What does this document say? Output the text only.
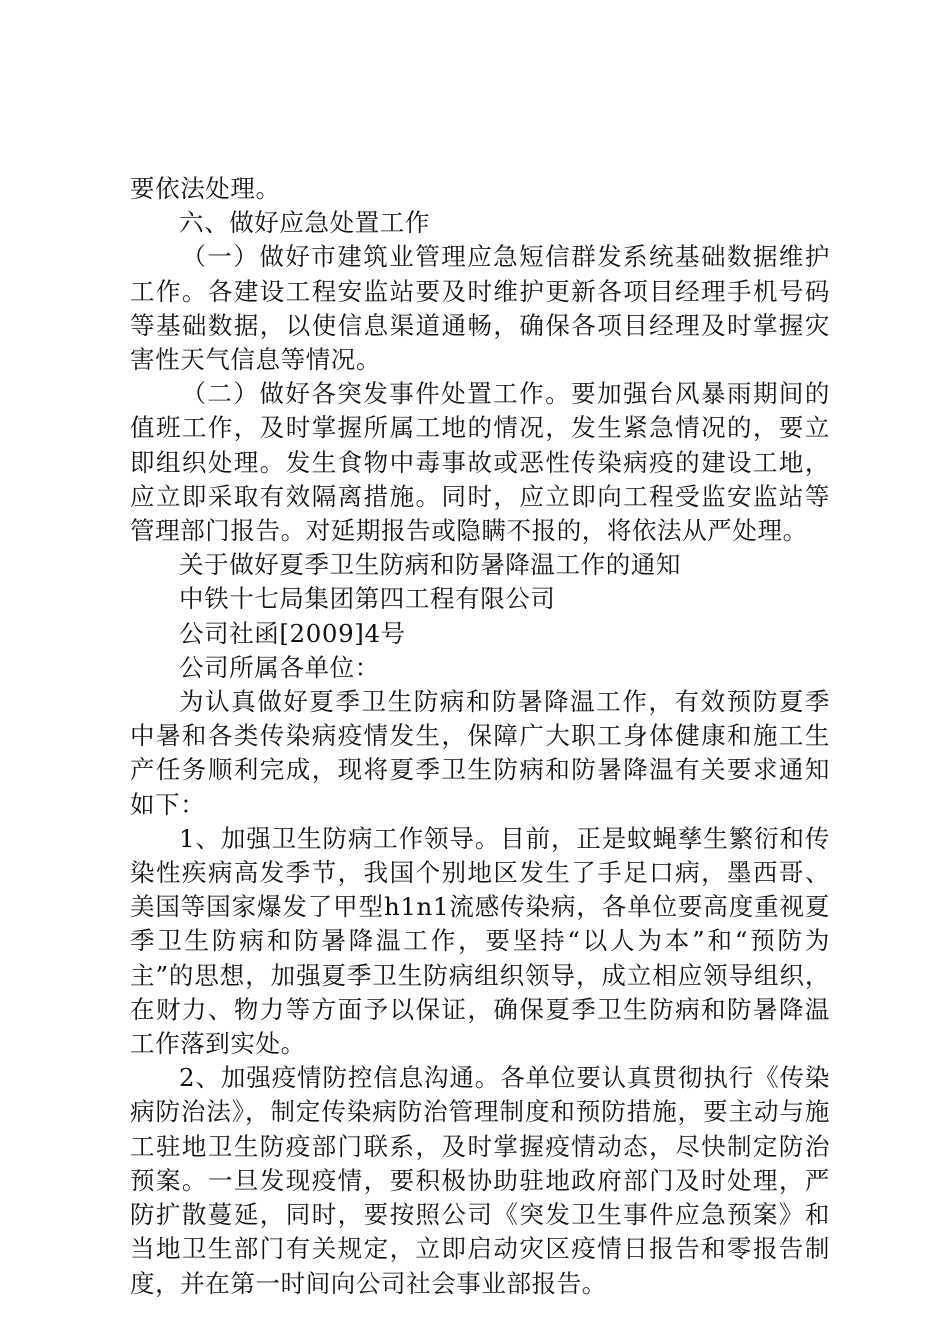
要依法处理。

六、做好应急处置工作

（一）做好市建筑业管理应急短信群发系统基础数据维护工作。各建设工程安监站要及时维护更新各项目经理手机号码等基础数据，以使信息渠道通畅，确保各项目经理及时掌握灾害性天气信息等情况。

（二）做好各突发事件处置工作。要加强台风暴雨期间的值班工作，及时掌握所属工地的情况，发生紧急情况的，要立即组织处理。发生食物中毒事故或恶性传染病疫的建设工地，应立即采取有效隔离措施。同时，应立即向工程受监安监站等管理部门报告。对延期报告或隐瞒不报的，将依法从严处理。

关于做好夏季卫生防病和防暑降温工作的通知

中铁十七局集团第四工程有限公司

公司社函[2009]4号

公司所属各单位：

为认真做好夏季卫生防病和防暑降温工作，有效预防夏季中暑和各类传染病疫情发生，保障广大职工身体健康和施工生产任务顺利完成，现将夏季卫生防病和防暑降温有关要求通知如下：

1、加强卫生防病工作领导。目前，正是蚊蝇孳生繁衍和传染性疾病高发季节，我国个别地区发生了手足口病，墨西哥、美国等国家爆发了甲型h1n1流感传染病，各单位要高度重视夏季卫生防病和防暑降温工作，要坚持“以人为本”和“预防为主”的思想，加强夏季卫生防病组织领导，成立相应领导组织，在财力、物力等方面予以保证，确保夏季卫生防病和防暑降温工作落到实处。

2、加强疫情防控信息沟通。各单位要认真贯彻执行《传染病防治法》，制定传染病防治管理制度和预防措施，要主动与施工驻地卫生防疫部门联系，及时掌握疫情动态，尽快制定防治预案。一旦发现疫情，要积极协助驻地政府部门及时处理，严防扩散蔓延，同时，要按照公司《突发卫生事件应急预案》和当地卫生部门有关规定，立即启动灾区疫情日报告和零报告制度，并在第一时间向公司社会事业部报告。
